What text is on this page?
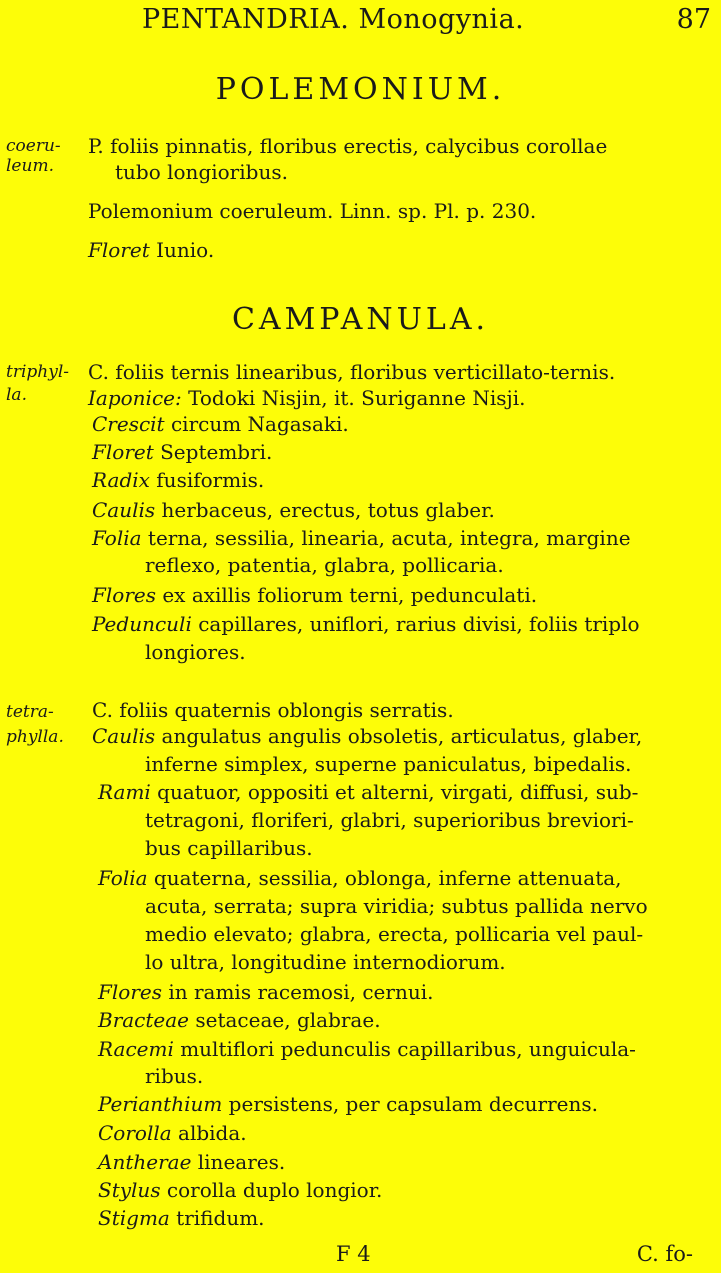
PENTANDRIA. Monogynia.	87
POLEMONIUM.
coeru-
leum.
P. foliis pinnatis, floribus erectis, calycibus corollae
tubo longioribus.
Polemonium coeruleum. Linn. sp. Pl. p. 230.
Floret Iunio.
CAMPANULA.
triphyl-
la.
C. foliis ternis linearibus, floribus verticillato-ternis.
Iaponice: Todoki Nisjin, it. Suriganne Nisji.
Crescit circum Nagasaki.
Floret Septembri.
Radix fusiformis.
Caulis herbaceus, erectus, totus glaber.
Folia terna, sessilia, linearia, acuta, integra, margine
reflexo, patentia, glabra, pollicaria.
Flores ex axillis foliorum terni, pedunculati.
Pedunculi capillares, uniflori, rarius divisi, foliis triplo
longiores.
tetra-
phylla.
C. foliis quaternis oblongis serratis.
Caulis angulatus angulis obsoletis, articulatus, glaber,
inferne simplex, superne paniculatus, bipedalis.
Rami quatuor, oppositi et alterni, virgati, diffusi, sub-
tetragoni, floriferi, glabri, superioribus breviori-
bus capillaribus.
Folia quaterna, sessilia, oblonga, inferne attenuata,
acuta, serrata; supra viridia; subtus pallida nervo
medio elevato; glabra, erecta, pollicaria vel paul-
lo ultra, longitudine internodiorum.
Flores in ramis racemosi, cernui.
Bracteae setaceae, glabrae.
Racemi multiflori pedunculis capillaribus, unguicula-
ribus.
Perianthium persistens, per capsulam decurrens.
Corolla albida.
Antherae lineares.
Stylus corolla duplo longior.
Stigma trifidum.
F 4	C. fo-
